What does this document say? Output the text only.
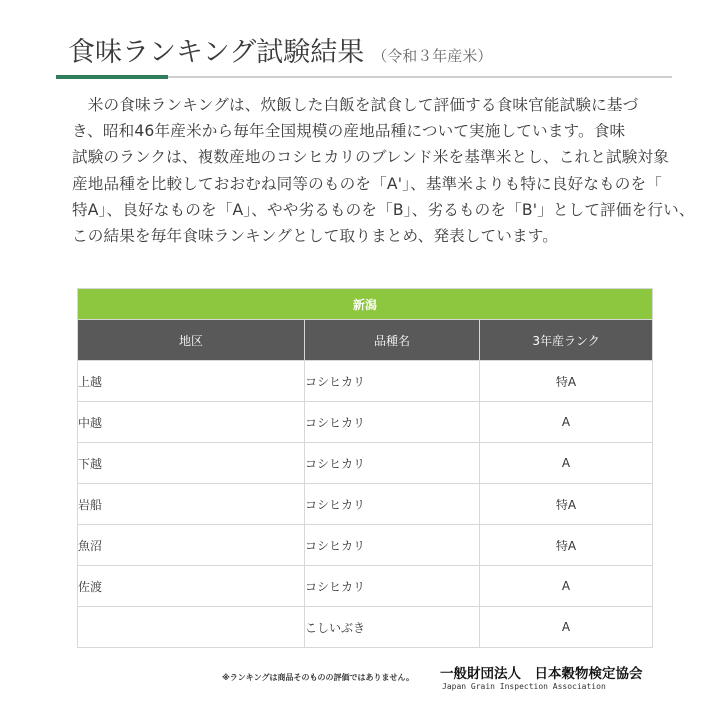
食味ランキング試験結果 （令和３年産米）

　米の食味ランキングは、炊飯した白飯を試食して評価する食味官能試験に基づ
き、昭和46年産米から毎年全国規模の産地品種について実施しています。食味
試験のランクは、複数産地のコシヒカリのブレンド米を基準米とし、これと試験対象
産地品種を比較しておおむね同等のものを「A'」、基準米よりも特に良好なものを「
特A」、良好なものを「A」、やや劣るものを「B」、劣るものを「B'」として評価を行い、
この結果を毎年食味ランキングとして取りまとめ、発表しています。

新潟		
地区	品種名	3年産ランク
上越	コシヒカリ	特A
中越	コシヒカリ	A
下越	コシヒカリ	A
岩船	コシヒカリ	特A
魚沼	コシヒカリ	特A
佐渡	コシヒカリ	A
	こしいぶき	A
※ランキングは商品そのものの評価ではありません。 一般財団法人　日本穀物検定協会
Japan Grain Inspection Association
